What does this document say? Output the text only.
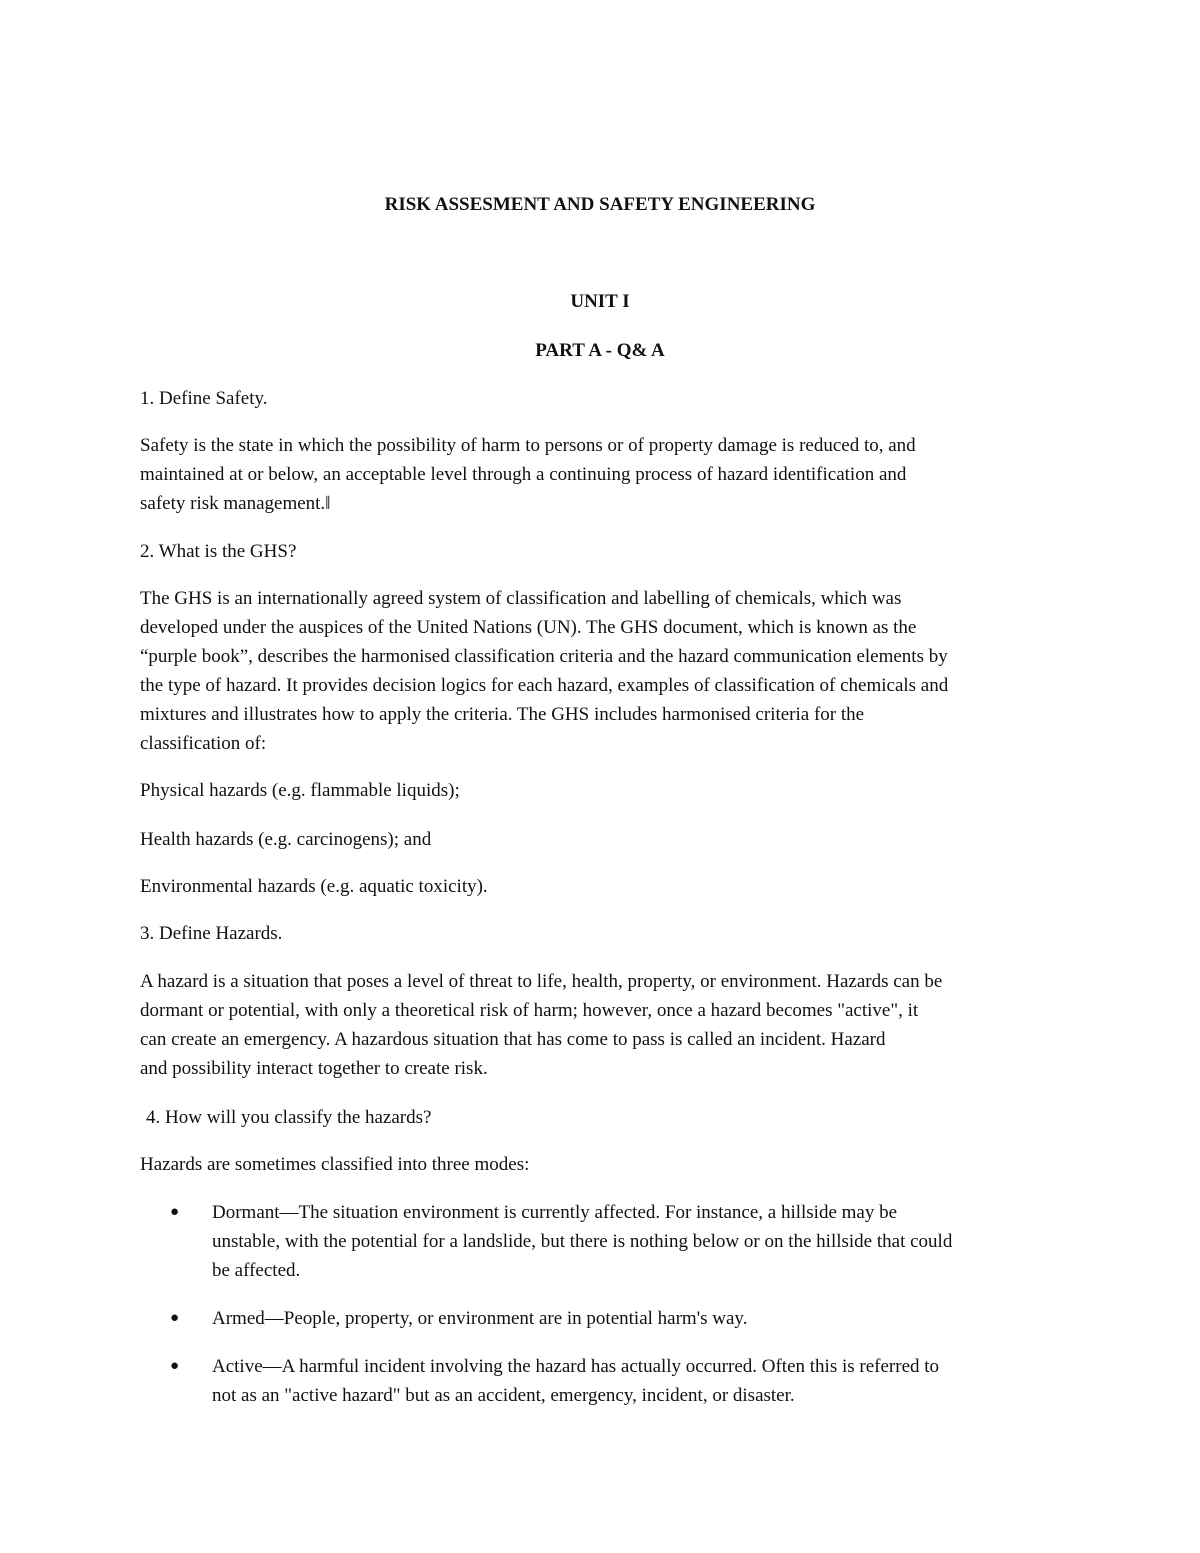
RISK ASSESMENT AND SAFETY ENGINEERING
UNIT I
PART A - Q& A
1. Define Safety.
Safety is the state in which the possibility of harm to persons or of property damage is reduced to, and
maintained at or below, an acceptable level through a continuing process of hazard identification and
safety risk management.‖
2. What is the GHS?
The GHS is an internationally agreed system of classification and labelling of chemicals, which was
developed under the auspices of the United Nations (UN). The GHS document, which is known as the
“purple book”, describes the harmonised classification criteria and the hazard communication elements by
the type of hazard. It provides decision logics for each hazard, examples of classification of chemicals and
mixtures and illustrates how to apply the criteria. The GHS includes harmonised criteria for the
classification of:
Physical hazards (e.g. flammable liquids);
Health hazards (e.g. carcinogens); and
Environmental hazards (e.g. aquatic toxicity).
3. Define Hazards.
A hazard is a situation that poses a level of threat to life, health, property, or environment. Hazards can be
dormant or potential, with only a theoretical risk of harm; however, once a hazard becomes "active", it
can create an emergency. A hazardous situation that has come to pass is called an incident. Hazard
and possibility interact together to create risk.
4. How will you classify the hazards?
Hazards are sometimes classified into three modes:
● Dormant—The situation environment is currently affected. For instance, a hillside may be
unstable, with the potential for a landslide, but there is nothing below or on the hillside that could
be affected.
● Armed—People, property, or environment are in potential harm's way.
● Active—A harmful incident involving the hazard has actually occurred. Often this is referred to
not as an "active hazard" but as an accident, emergency, incident, or disaster.
